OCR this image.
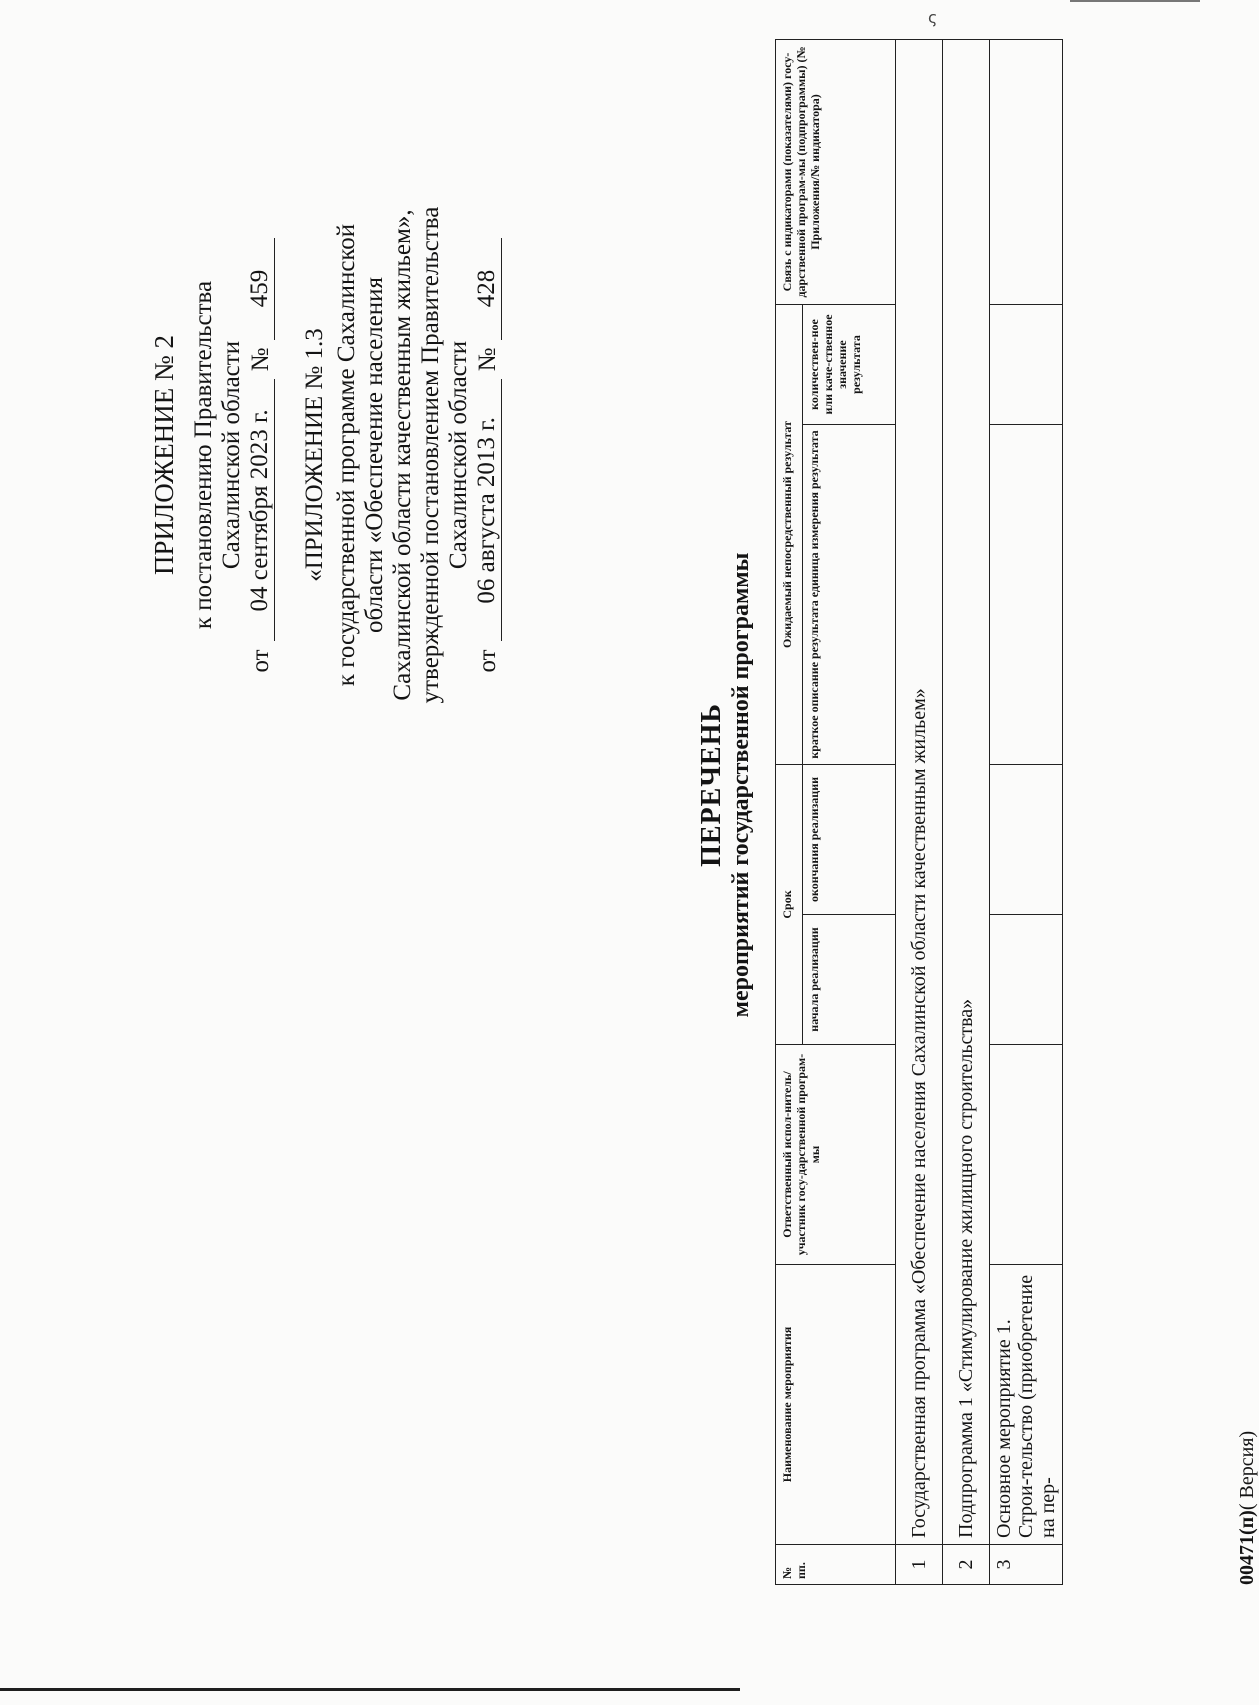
ς
ПРИЛОЖЕНИЕ № 2 к постановлению Правительства Сахалинской области
от
04 сентября 2023 г.
№
459
«ПРИЛОЖЕНИЕ № 1.3 к государственной программе Сахалинской области «Обеспечение населения Сахалинской области качественным жильем», утвержденной постановлением Правительства Сахалинской области
от
06 августа 2013 г.
№
428
ПЕРЕЧЕНЬ мероприятий государственной программы
№ пп.	Наименование мероприятия	Ответственный испол-нитель/участник госу-дарственной програм-мы	Срок		Ожидаемый непосредственный результат		Связь с индикаторами (показателями) госу-дарственной програм-мы (подпрограммы) (№ Приложения/№ индикатора)
			начала реализации	окончания реализации	краткое описание результата единица измерения результата	количествен-ное или каче-ственное значение результата	
1	Государственная программа «Обеспечение населения Сахалинской области качественным жильем»						
2	Подпрограмма 1 «Стимулирование жилищного строительства»						
3	Основное мероприятие 1. Строи-тельство (приобретение на пер-						
00471(п)( Версия)
